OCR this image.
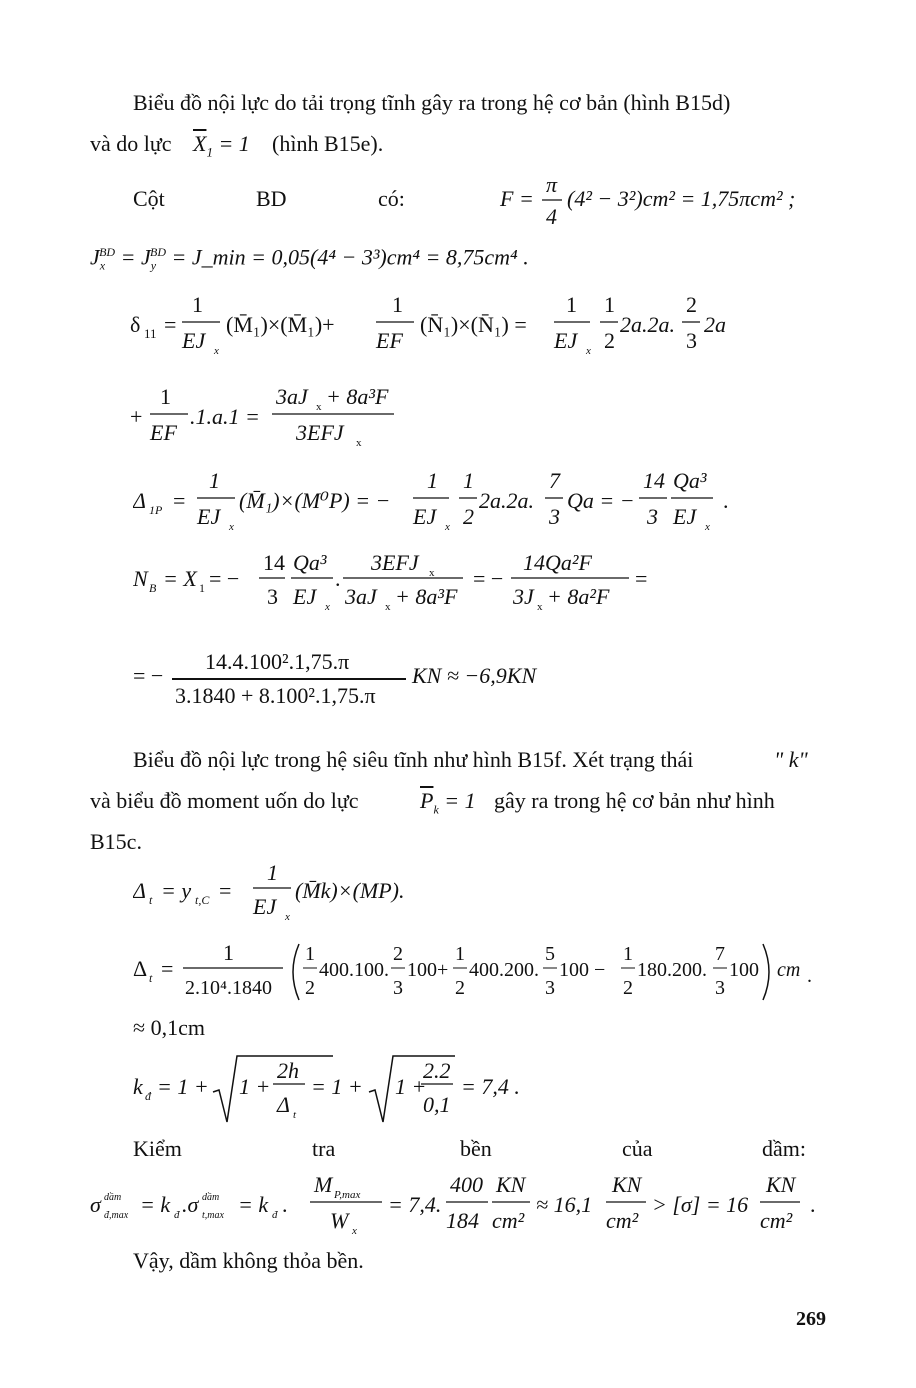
Biểu đồ nội lực do tải trọng tĩnh gây ra trong hệ cơ bản (hình B15d)
và do lực $\overline{X}_1 = 1$ (hình B15e).
Cột	BD	có:	F =
π
4
(4² − 3²)cm² = 1,75πcm² ;
$J_x^{BD} = J_y^{BD}$ = J_min = 0,05(4⁴ − 3³)cm⁴ = 8,75cm⁴ .
δ 11 =
1
EJ x
(M̄₁)×(M̄₁)+
1
EF
(N̄₁)×(N̄₁) =
1
EJ x
1
2
2a.2a.
2
3
2a
+
1
EF
.1.a.1 =
3aJ x + 8a³F
3EFJ x
Δ 1P =
1
EJ x
(M̄₁)×(M⁰P) = −
1
EJ x
1
2
2a.2a.
7
3
Qa = −
14
3
Qa³
EJ x
.
N B = X 1 = −
14
3
Qa³
EJ x
.
3EFJ x
3aJ x + 8a³F
= −
14Qa²F
3J x + 8a²F
=
= −
14.4.100².1,75.π
3.1840 + 8.100².1,75.π
KN ≈ −6,9KN
Biểu đồ nội lực trong hệ siêu tĩnh như hình B15f. Xét trạng thái	" k"
và biểu đồ moment uốn do lực	$\overline{P}_k = 1$ gây ra trong hệ cơ bản như hình
B15c.
Δ t = y t,C =
1
EJ x
(M̄k)×(MP).
Δ t =
1
2.10⁴.1840
1
2
400.100.
2
3
100+
1
2
400.200.
5
3
100 −
1
2
180.200.
7
3
100 cm .
≈ 0,1cm
k đ = 1 + 1 +
2h
Δ t
= 1 + 1 +
2.2
0,1
= 7,4 .
Kiểm	tra	bền	của	dầm:
σ dầm
đ,max = k đ .σ dầm
t,max = k đ .
M P,max
W x
= 7,4.
400
184
KN
cm²
≈ 16,1
KN
cm²
> [σ] = 16
KN
cm²
.
Vậy, dầm không thỏa bền.
269
